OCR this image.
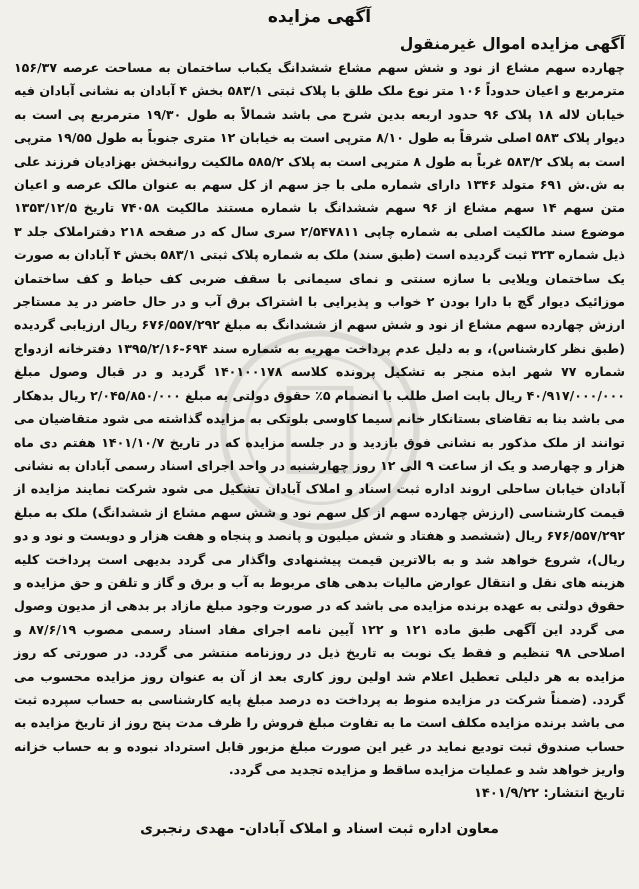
آگهی مزایده
آگهی مزایده اموال غیرمنقول

چهارده سهم مشاع از نود و شش سهم مشاع ششدانگ یکباب ساختمان به مساحت عرصه ۱۵۶/۳۷ مترمربع و اعیان حدوداً ۱۰۶ متر نوع ملک طلق با پلاک ثبتی ۵۸۳/۱ بخش ۴ آبادان به نشانی آبادان فیه خیابان لاله ۱۸ پلاک ۹۶ حدود اربعه بدین شرح می باشد شمالاً به طول ۱۹/۳۰ مترمربع پی است به دیوار پلاک ۵۸۳ اصلی شرقاً به طول ۸/۱۰ مترپی است به خیابان ۱۲ متری جنوباً به طول ۱۹/۵۵ مترپی است به پلاک ۵۸۳/۲ غرباً به طول ۸ مترپی است به پلاک ۵۸۵/۲ مالکیت روانبخش بهزادیان فرزند علی به ش.ش ۶۹۱ متولد ۱۳۴۶ دارای شماره ملی با جز سهم از کل سهم به عنوان مالک عرصه و اعیان متن سهم ۱۴ سهم مشاع از ۹۶ سهم ششدانگ با شماره مستند مالکیت ۷۴۰۵۸ تاریخ ۱۳۵۳/۱۲/۵ موضوع سند مالکیت اصلی به شماره چاپی ۲/۵۴۷۸۱۱ سری سال که در صفحه ۲۱۸ دفتراملاک جلد ۳ ذیل شماره ۳۲۳ ثبت گردیده است (طبق سند) ملک به شماره پلاک ثبتی ۵۸۳/۱ بخش ۴ آبادان به صورت یک ساختمان ویلایی با سازه سنتی و نمای سیمانی با سقف ضربی کف حیاط و کف ساختمان موزائیک دیوار گچ با دارا بودن ۲ خواب و پذیرایی با اشتراک برق آب و در حال حاضر در ید مستاجر ارزش چهارده سهم مشاع از نود و شش سهم از ششدانگ به مبلغ ۶۷۶/۵۵۷/۲۹۲ ریال ارزیابی گردیده (طبق نظر کارشناس)، و به دلیل عدم پرداخت مهریه به شماره سند ۶۹۴-۱۳۹۵/۲/۱۶ دفترخانه ازدواج شماره ۷۷ شهر ابذه منجر به تشکیل پرونده کلاسه ۱۴۰۱۰۰۱۷۸ گردید و در قبال وصول مبلغ ۴۰/۹۱۷/۰۰۰/۰۰۰ ریال بابت اصل طلب با انضمام ۵٪ حقوق دولتی به مبلغ ۲/۰۴۵/۸۵۰/۰۰۰ ریال بدهکار می باشد بنا به تقاضای بستانکار خانم سیما کاوسی بلوتکی به مزایده گذاشته می شود متقاضیان می توانند از ملک مذکور به نشانی فوق بازدید و در جلسه مزایده که در تاریخ ۱۴۰۱/۱۰/۷ هفتم دی ماه هزار و چهارصد و یک از ساعت ۹ الی ۱۲ روز چهارشنبه در واحد اجرای اسناد رسمی آبادان به نشانی آبادان خیابان ساحلی اروند اداره ثبت اسناد و املاک آبادان تشکیل می شود شرکت نمایند مزایده از قیمت کارشناسی (ارزش چهارده سهم از کل سهم نود و شش سهم مشاع از ششدانگ) ملک به مبلغ ۶۷۶/۵۵۷/۲۹۲ ریال (ششصد و هفتاد و شش میلیون و پانصد و پنجاه و هفت هزار و دویست و نود و دو ریال)، شروع خواهد شد و به بالاترین قیمت پیشنهادی واگذار می گردد بدیهی است پرداخت کلیه هزینه های نقل و انتقال عوارض مالیات بدهی های مربوط به آب و برق و گاز و تلفن و حق مزایده و حقوق دولتی به عهده برنده مزایده می باشد که در صورت وجود مبلغ مازاد بر بدهی از مدیون وصول می گردد این آگهی طبق ماده ۱۲۱ و ۱۲۲ آیین نامه اجرای مفاد اسناد رسمی مصوب ۸۷/۶/۱۹ و اصلاحی ۹۸ تنظیم و فقط یک نوبت به تاریخ ذیل در روزنامه منتشر می گردد. در صورتی که روز مزایده به هر دلیلی تعطیل اعلام شد اولین روز کاری بعد از آن به عنوان روز مزایده محسوب می گردد. (ضمناً شرکت در مزایده منوط به پرداخت ده درصد مبلغ پایه کارشناسی به حساب سپرده ثبت می باشد برنده مزایده مکلف است ما به تفاوت مبلغ فروش را ظرف مدت پنج روز از تاریخ مزایده به حساب صندوق ثبت تودیع نماید در غیر این صورت مبلغ مزبور قابل استرداد نبوده و به حساب خزانه واریز خواهد شد و عملیات مزایده ساقط و مزایده تجدید می گردد.

تاریخ انتشار: ۱۴۰۱/۹/۲۲
معاون اداره ثبت اسناد و املاک آبادان- مهدی رنجبری
